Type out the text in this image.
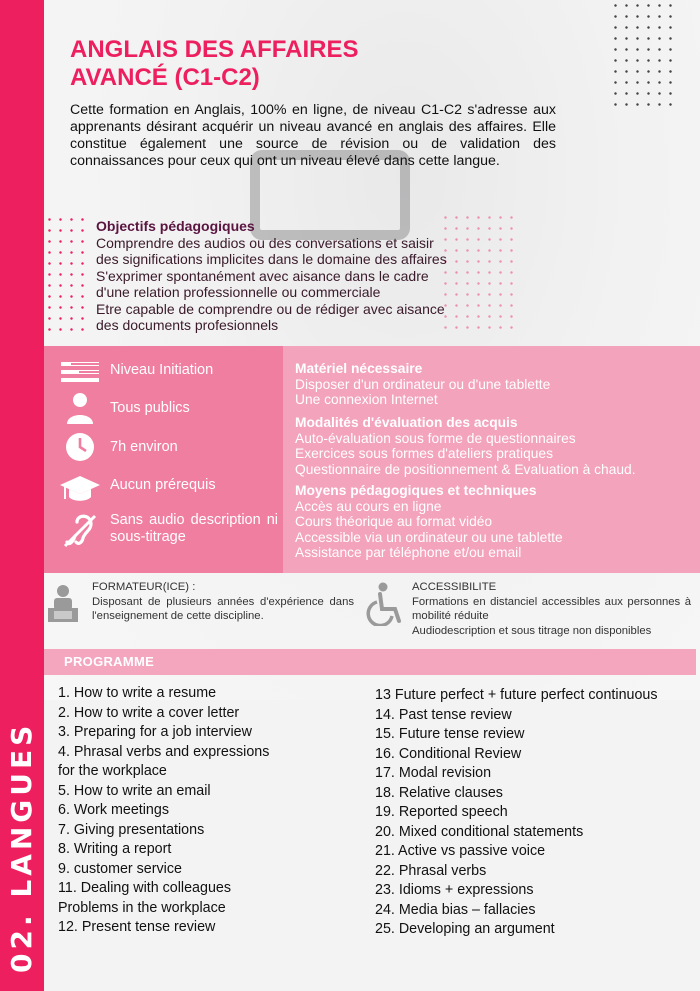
02. LANGUES
ANGLAIS DES AFFAIRES
AVANCÉ (C1-C2)

Cette formation en Anglais, 100% en ligne, de niveau C1-C2 s'adresse aux apprenants désirant acquérir un niveau avancé en anglais des affaires. Elle constitue également une source de révision ou de validation des connaissances pour ceux qui ont un niveau élevé dans cette langue.

Objectifs pédagogiques

Comprendre des audios ou des conversations et saisir

des significations implicites dans le domaine des affaires

S'exprimer spontanément avec aisance dans le cadre

d'une relation professionnelle ou commerciale

Etre capable de comprendre ou de rédiger avec aisance

des documents profesionnels

Niveau Initiation
Tous publics
7h environ
Aucun prérequis
Sans audio description ni sous-titrage
Matériel nécessaire
Disposer d'un ordinateur ou d'une tablette
Une connexion Internet
Modalités d'évaluation des acquis
Auto-évaluation sous forme de questionnaires
Exercices sous formes d'ateliers pratiques
Questionnaire de positionnement & Evaluation à chaud.
Moyens pédagogiques et techniques
Accès au cours en ligne
Cours théorique au format vidéo
Accessible via un ordinateur ou une tablette
Assistance par téléphone et/ou email
FORMATEUR(ICE) :
Disposant de plusieurs années d'expérience dans l'enseignement de cette discipline.
ACCESSIBILITE
Formations en distanciel accessibles aux personnes à mobilité réduite
Audiodescription et sous titrage non disponibles
PROGRAMME
1. How to write a resume
2. How to write a cover letter
3. Preparing for a job interview
4. Phrasal verbs and expressions
for the workplace
5. How to write an email
6. Work meetings
7. Giving presentations
8. Writing a report
9. customer service
11. Dealing with colleagues
Problems in the workplace
12. Present tense review
13 Future perfect + future perfect continuous
14. Past tense review
15. Future tense review
16. Conditional Review
17. Modal revision
18. Relative clauses
19. Reported speech
20. Mixed conditional statements
21. Active vs passive voice
22. Phrasal verbs
23. Idioms + expressions
24. Media bias – fallacies
25. Developing an argument
